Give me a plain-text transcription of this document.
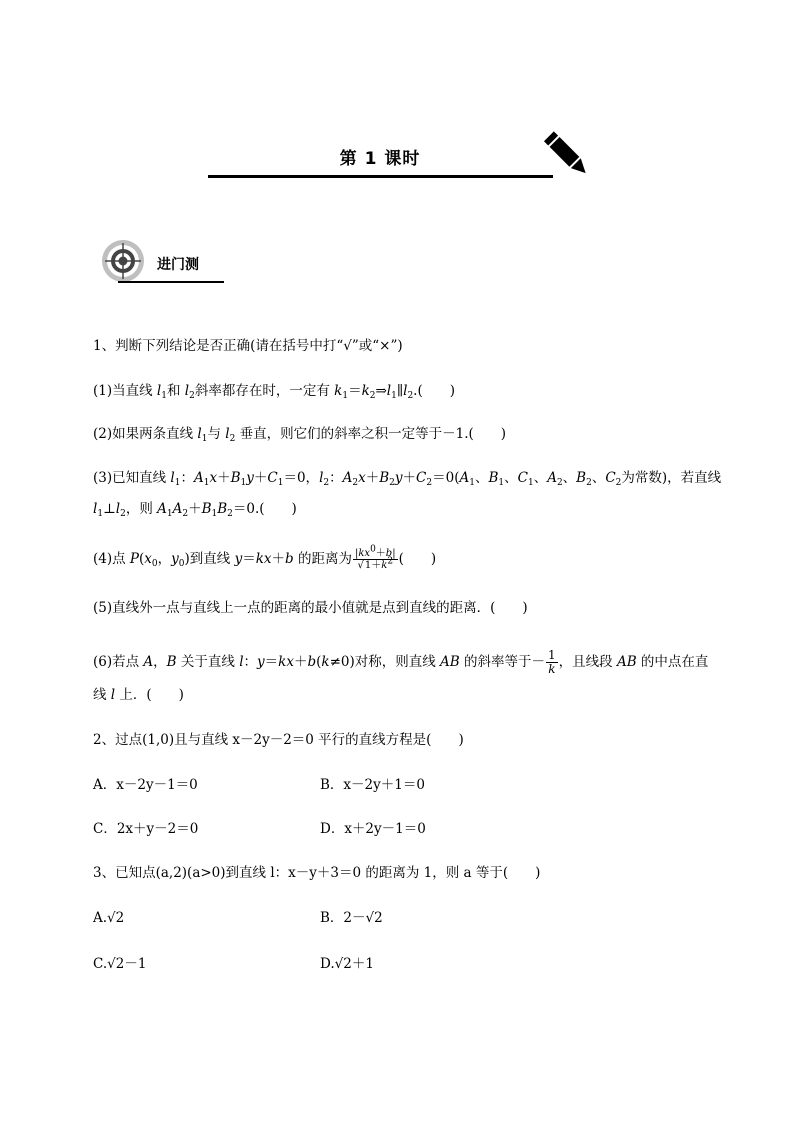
第 1 课时
进门测
1、判断下列结论是否正确(请在括号中打“√”或“×”)
(1)当直线 $l_1$和 $l_2$斜率都存在时，一定有 $k_1=k_2\Rightarrow l_1\parallel l_2$.(　　)
(2)如果两条直线 $l_1$与 $l_2$ 垂直，则它们的斜率之积一定等于－1.(　　)
(3)已知直线 $l_1$：$A_1x+B_1y+C_1=0$，$l_2$：$A_2x+B_2y+C_2=0(A_1$、$B_1$、$C_1$、$A_2$、$B_2$、$C_2$为常数)，若直线
$l_1\perp l_2$，则 $A_1A_2+B_1B_2=0$.(　　)
(4)点 $P(x_0$，$y_0$)到直线 y＝kx＋b 的距离为 $\frac{|kx^0+b|}{√1+k^2}$ (　　)
(5)直线外一点与直线上一点的距离的最小值就是点到直线的距离．(　　)
(6)若点 A，B 关于直线 l：y＝kx＋b(k≠0)对称，则直线 AB 的斜率等于－ $\frac{1}{k}$ ，且线段 AB 的中点在直
线 l 上．(　　)
2、过点(1,0)且与直线 x－2y－2＝0 平行的直线方程是(　　)
A．x－2y－1＝0	B．x－2y＋1＝0
C．2x＋y－2＝0	D．x＋2y－1＝0
3、已知点(a,2)(a>0)到直线 l：x－y＋3＝0 的距离为 1，则 a 等于(　　)
A.√2	B．2－√2
C.√2－1	D.√2＋1
